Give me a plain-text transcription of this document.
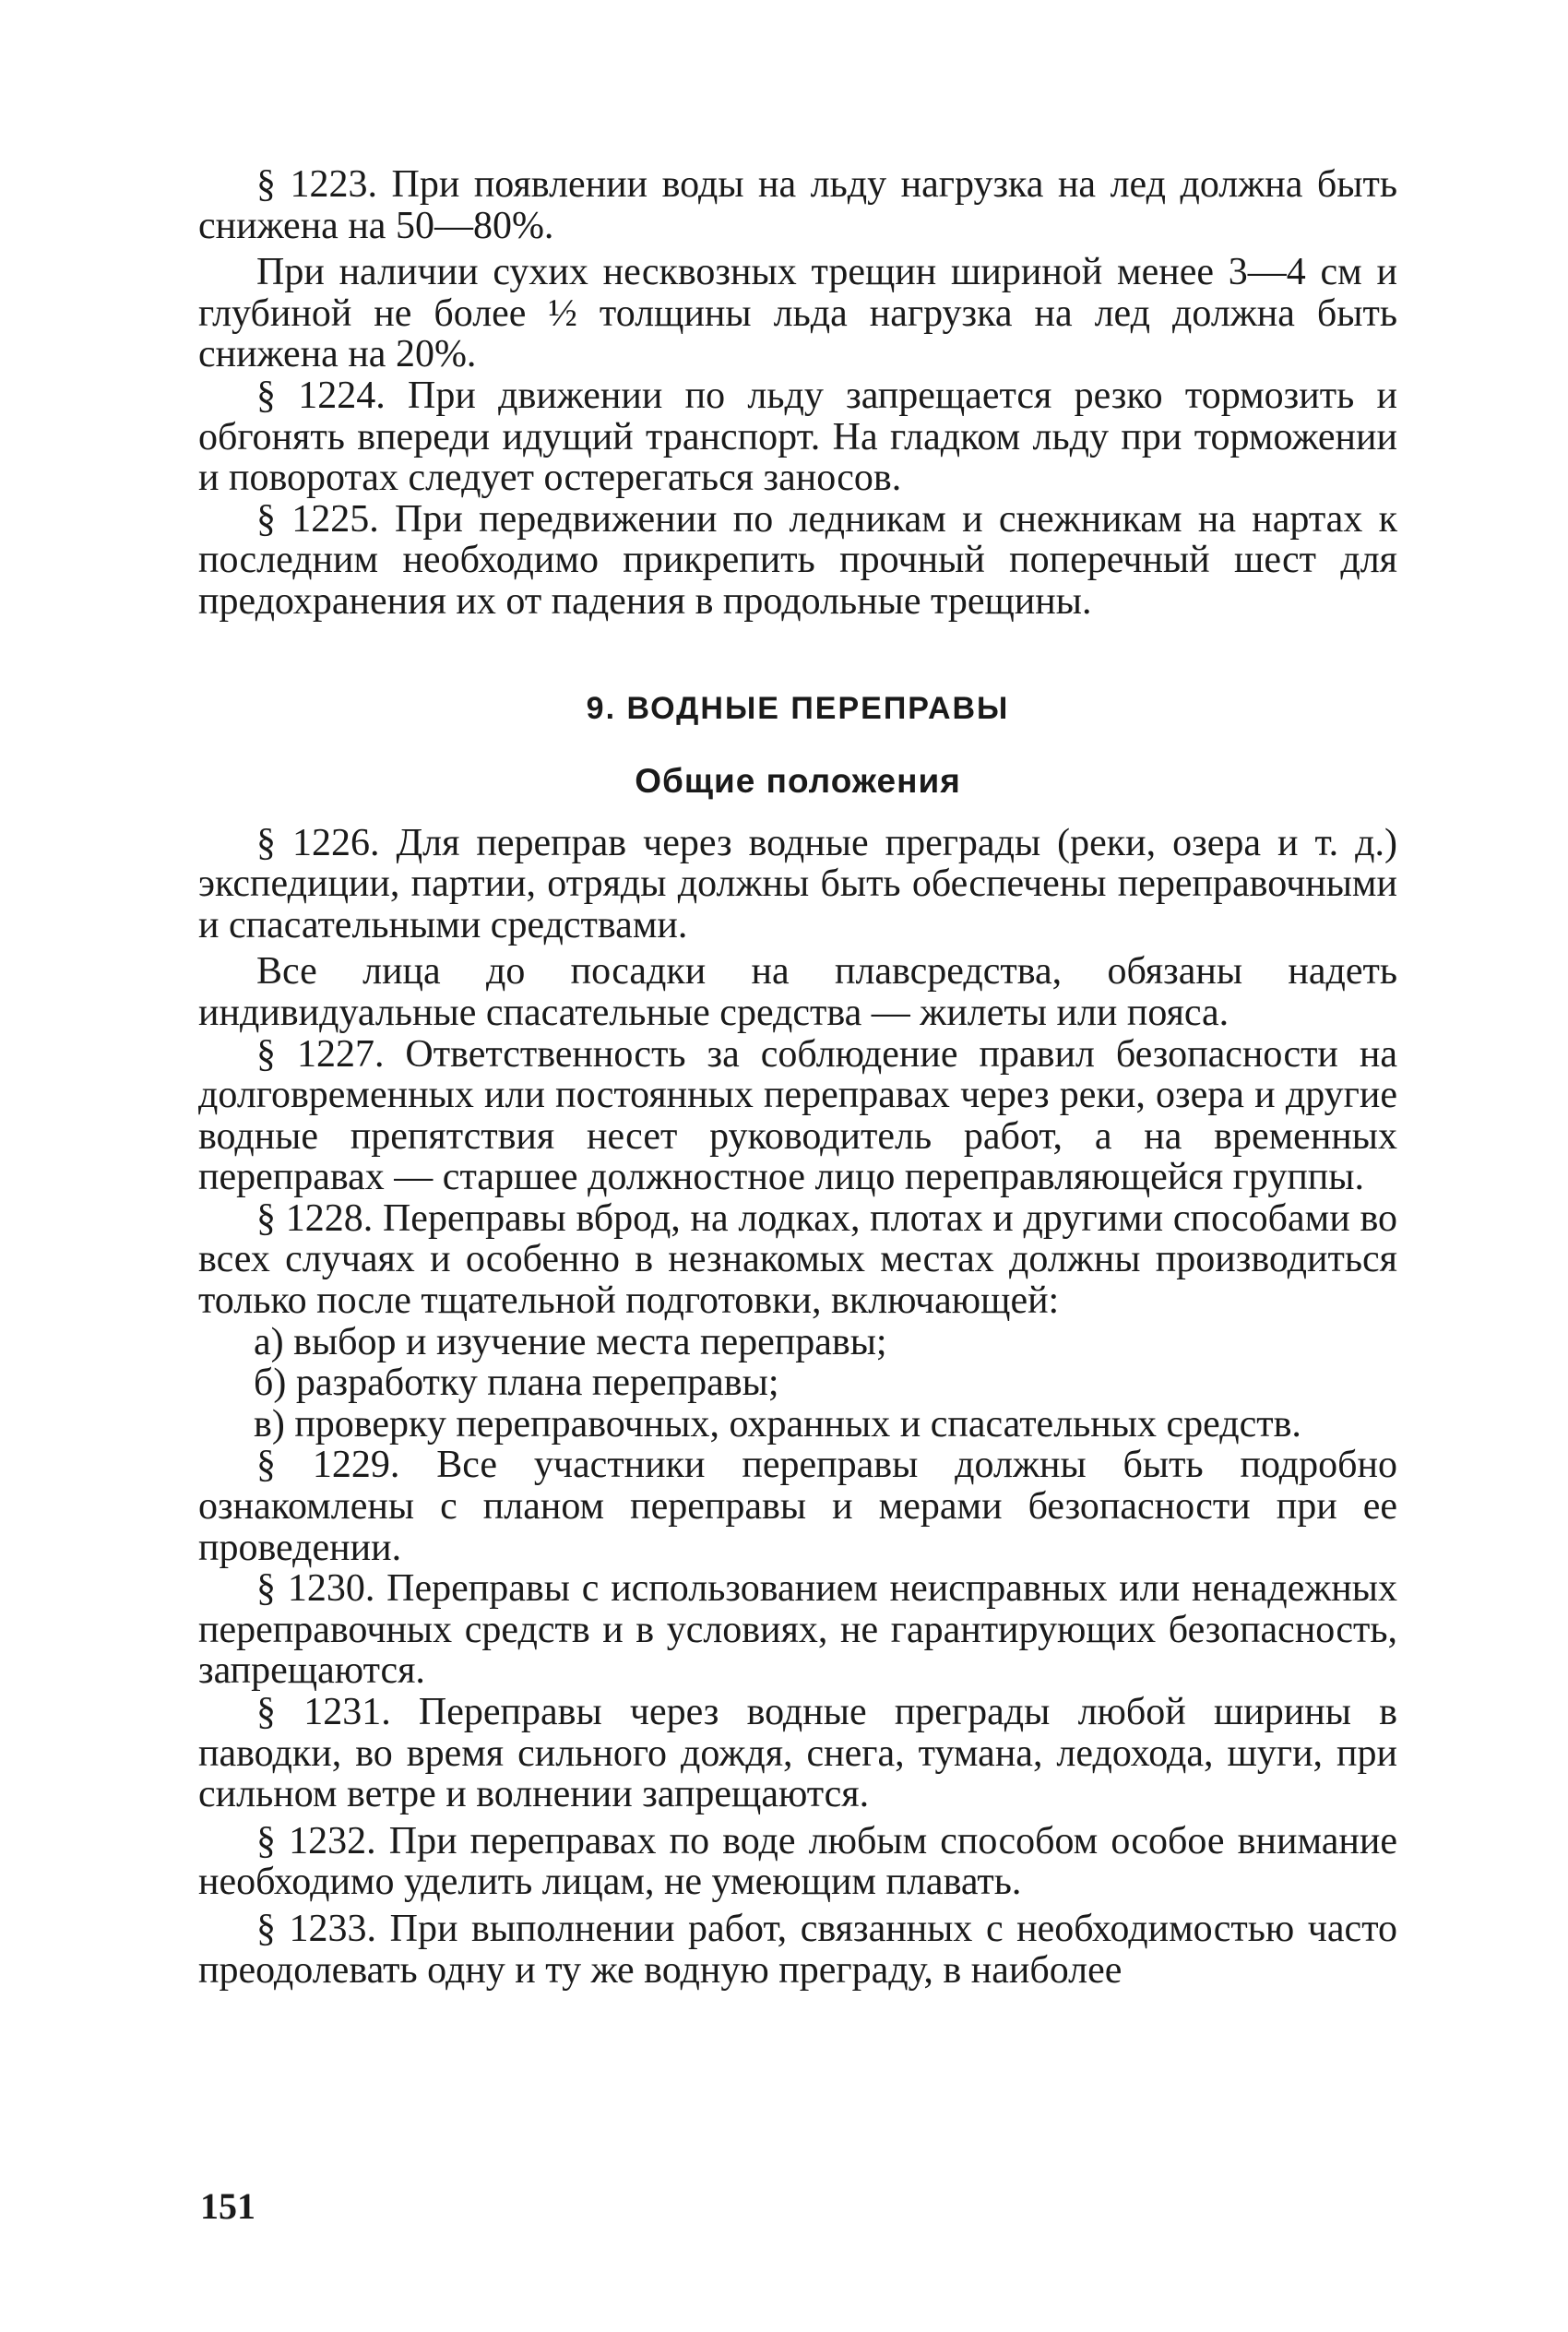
§ 1223. При появлении воды на льду нагрузка на лед должна быть снижена на 50—80%.

При наличии сухих несквозных трещин шириной менее 3—4 см и глубиной не более ½ толщины льда нагрузка на лед должна быть снижена на 20%.

§ 1224. При движении по льду запрещается резко тормозить и обгонять впереди идущий транспорт. На гладком льду при торможении и поворотах следует остерегаться заносов.

§ 1225. При передвижении по ледникам и снежникам на нартах к последним необходимо прикрепить прочный поперечный шест для предохранения их от падения в продольные трещины.

9. ВОДНЫЕ ПЕРЕПРАВЫ
Общие положения

§ 1226. Для переправ через водные преграды (реки, озера и т. д.) экспедиции, партии, отряды должны быть обеспечены переправочными и спасательными средствами.

Все лица до посадки на плавсредства, обязаны надеть индивидуальные спасательные средства — жилеты или пояса.

§ 1227. Ответственность за соблюдение правил безопасности на долговременных или постоянных переправах через реки, озера и другие водные препятствия несет руководитель работ, а на временных переправах — старшее должностное лицо переправляющейся группы.

§ 1228. Переправы вброд, на лодках, плотах и другими способами во всех случаях и особенно в незнакомых местах должны производиться только после тщательной подготовки, включающей:

а) выбор и изучение места переправы;

б) разработку плана переправы;

в) проверку переправочных, охранных и спасательных средств.

§ 1229. Все участники переправы должны быть подробно ознакомлены с планом переправы и мерами безопасности при ее проведении.

§ 1230. Переправы с использованием неисправных или ненадежных переправочных средств и в условиях, не гарантирующих безопасность, запрещаются.

§ 1231. Переправы через водные преграды любой ширины в паводки, во время сильного дождя, снега, тумана, ледохода, шуги, при сильном ветре и волнении запрещаются.

§ 1232. При переправах по воде любым способом особое внимание необходимо уделить лицам, не умеющим плавать.

§ 1233. При выполнении работ, связанных с необходимостью часто преодолевать одну и ту же водную преграду, в наиболее

151
